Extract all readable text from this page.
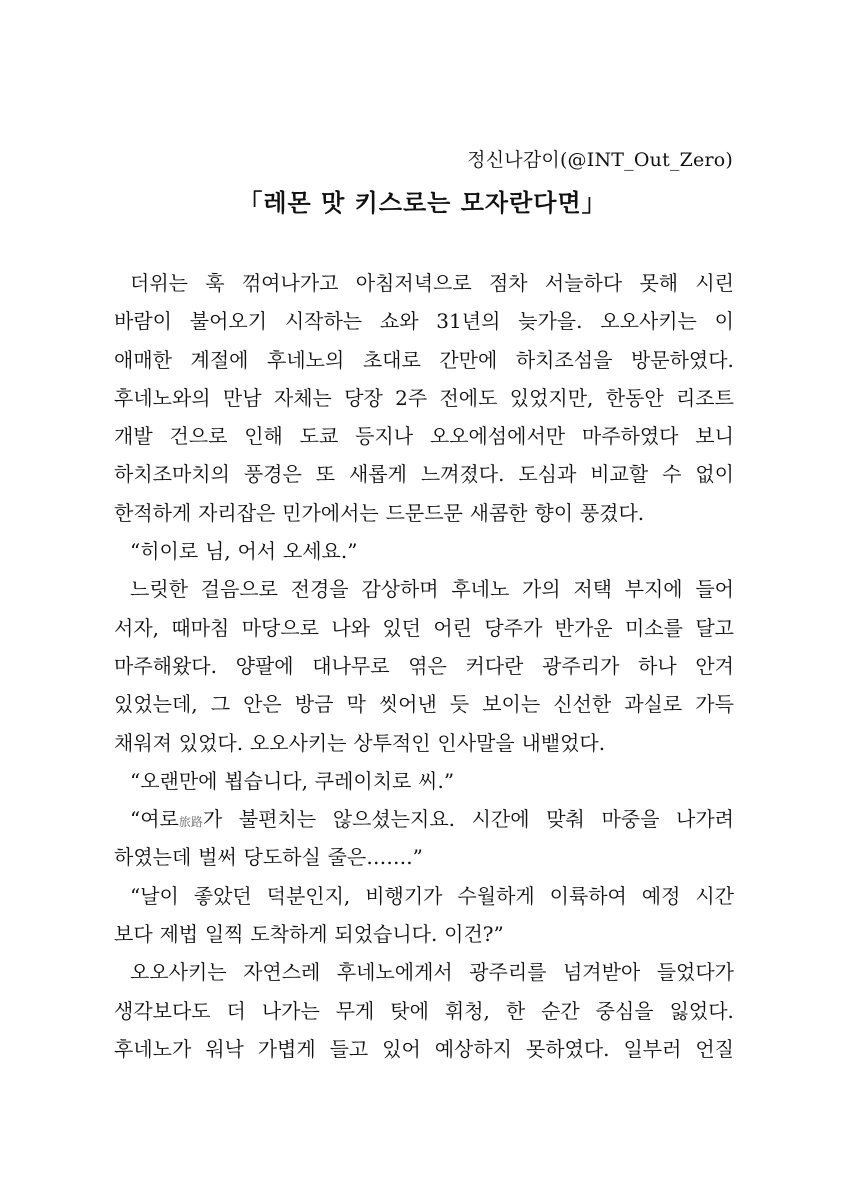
정신나감이(@INT_Out_Zero)
「레몬 맛 키스로는 모자란다면」
더위는 훅 꺾여나가고 아침저녁으로 점차 서늘하다 못해 시린
바람이 불어오기 시작하는 쇼와 31년의 늦가을. 오오사키는 이
애매한 계절에 후네노의 초대로 간만에 하치조섬을 방문하였다.
후네노와의 만남 자체는 당장 2주 전에도 있었지만, 한동안 리조트
개발 건으로 인해 도쿄 등지나 오오에섬에서만 마주하였다 보니
하치조마치의 풍경은 또 새롭게 느껴졌다. 도심과 비교할 수 없이
한적하게 자리잡은 민가에서는 드문드문 새콤한 향이 풍겼다.
“히이로 님, 어서 오세요.”
느릿한 걸음으로 전경을 감상하며 후네노 가의 저택 부지에 들어
서자, 때마침 마당으로 나와 있던 어린 당주가 반가운 미소를 달고
마주해왔다. 양팔에 대나무로 엮은 커다란 광주리가 하나 안겨
있었는데, 그 안은 방금 막 씻어낸 듯 보이는 신선한 과실로 가득
채워져 있었다. 오오사키는 상투적인 인사말을 내뱉었다.
“오랜만에 뵙습니다, 쿠레이치로 씨.”
“여로旅路가 불편치는 않으셨는지요. 시간에 맞춰 마중을 나가려
하였는데 벌써 당도하실 줄은…….”
“날이 좋았던 덕분인지, 비행기가 수월하게 이륙하여 예정 시간
보다 제법 일찍 도착하게 되었습니다. 이건?”
오오사키는 자연스레 후네노에게서 광주리를 넘겨받아 들었다가
생각보다도 더 나가는 무게 탓에 휘청, 한 순간 중심을 잃었다.
후네노가 워낙 가볍게 들고 있어 예상하지 못하였다. 일부러 언질
